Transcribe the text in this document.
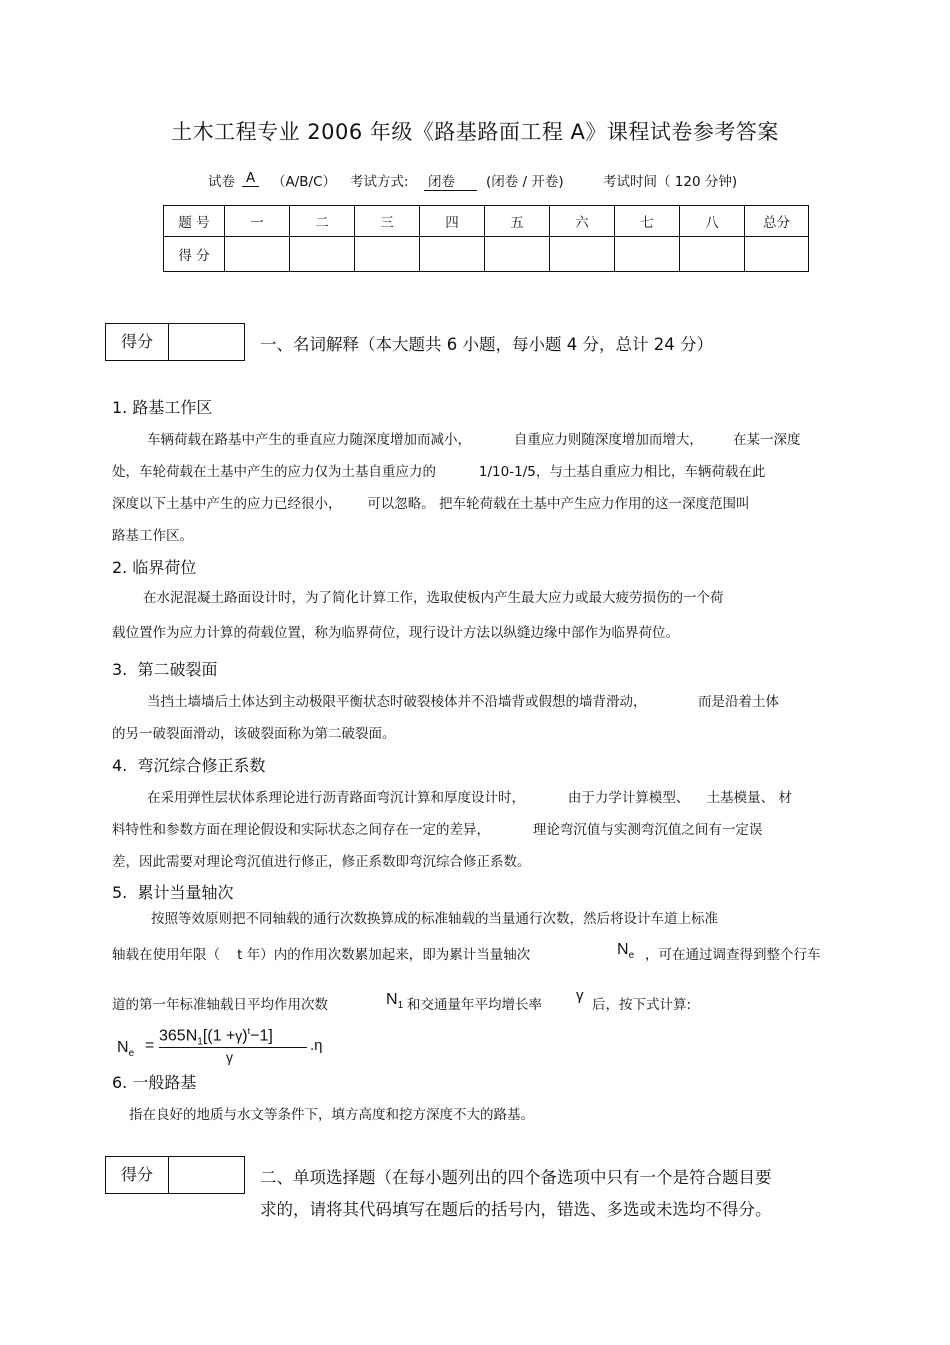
土木工程专业 2006 年级《路基路面工程 A》课程试卷参考答案
试卷 A （A/B/C） 考试方式: 闭卷	(闭卷 / 开卷)	考试时间（ 120 分钟)
题 号	一	二	三	四	五	六	七	八	总分
得 分									
得分	一、名词解释（本大题共 6 小题，每小题 4 分，总计 24 分）
1. 路基工作区
车辆荷载在路基中产生的垂直应力随深度增加而减小，          自重应力则随深度增加而增大，       在某一深度
处，车轮荷载在土基中产生的应力仅为土基自重应力的          1/10-1/5，与土基自重应力相比，车辆荷载在此
深度以下土基中产生的应力已经很小，      可以忽略。 把车轮荷载在土基中产生应力作用的这一深度范围叫
路基工作区。
2. 临界荷位
在水泥混凝土路面设计时，为了简化计算工作，选取使板内产生最大应力或最大疲劳损伤的一个荷
载位置作为应力计算的荷载位置，称为临界荷位，现行设计方法以纵缝边缘中部作为临界荷位。
3.  第二破裂面
当挡土墙墙后土体达到主动极限平衡状态时破裂棱体并不沿墙背或假想的墙背滑动，            而是沿着土体
的另一破裂面滑动，该破裂面称为第二破裂面。
4.  弯沉综合修正系数
在采用弹性层状体系理论进行沥青路面弯沉计算和厚度设计时，          由于力学计算模型、    土基模量、 材
料特性和参数方面在理论假设和实际状态之间存在一定的差异，          理论弯沉值与实测弯沉值之间有一定误
差，因此需要对理论弯沉值进行修正，修正系数即弯沉综合修正系数。
5.  累计当量轴次
按照等效原则把不同轴载的通行次数换算成的标准轴载的当量通行次数，然后将设计车道上标准
轴载在使用年限（    t 年）内的作用次数累加起来，即为累计当量轴次	$N_e$ ，可在通过调查得到整个行车
道的第一年标准轴载日平均作用次数	$N_1$ 和交通量年平均增长率
γ
后，按下式计算:
$N_e$ =
$365N_1[(1 +\gamma)^t-1]$
γ
.η
6. 一般路基
指在良好的地质与水文等条件下，填方高度和挖方深度不大的路基。
得分	二、单项选择题（在每小题列出的四个备选项中只有一个是符合题目要
求的，请将其代码填写在题后的括号内，错选、多选或未选均不得分。
